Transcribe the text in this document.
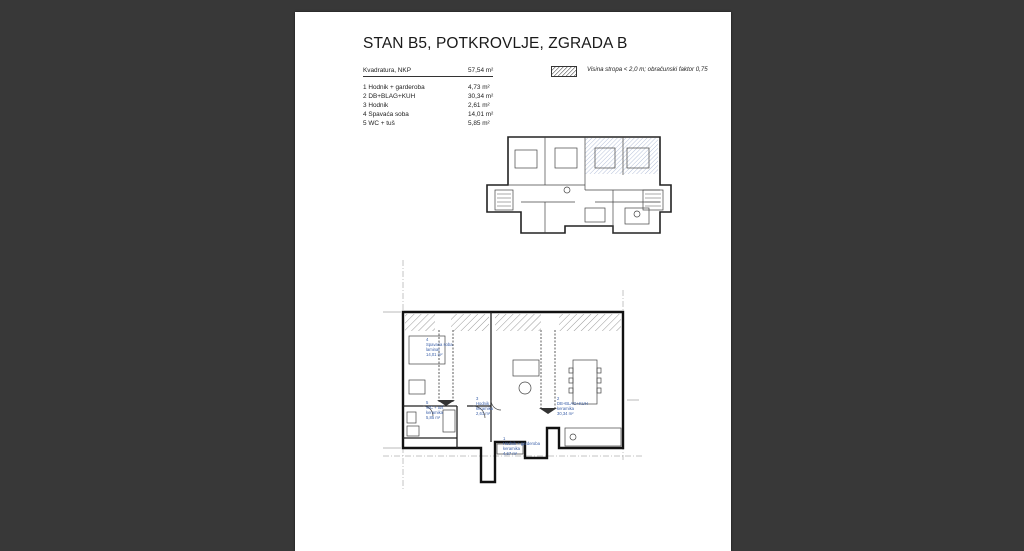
STAN B5, POTKROVLJE, ZGRADA B
Kvadratura, NKP	57,54 m²
1 Hodnik + garderoba	4,73 m²
2 DB+BLAG+KUH	30,34 m²
3 Hodnik	2,61 m²
4 Spavaća soba	14,01 m²
5 WC + tuš	5,85 m²
Visina stropa < 2,0 m; obračunski faktor 0,75
4
Spavaća soba
laminat
14,01 m²
5
WC + tuš
keramika
5,85 m²
3
Hodnik
keramika
2,61 m²
2
DB+BLAG+KUH
keramika
30,34 m²
1
Hodnik + garderoba
keramika
4,67 m²
